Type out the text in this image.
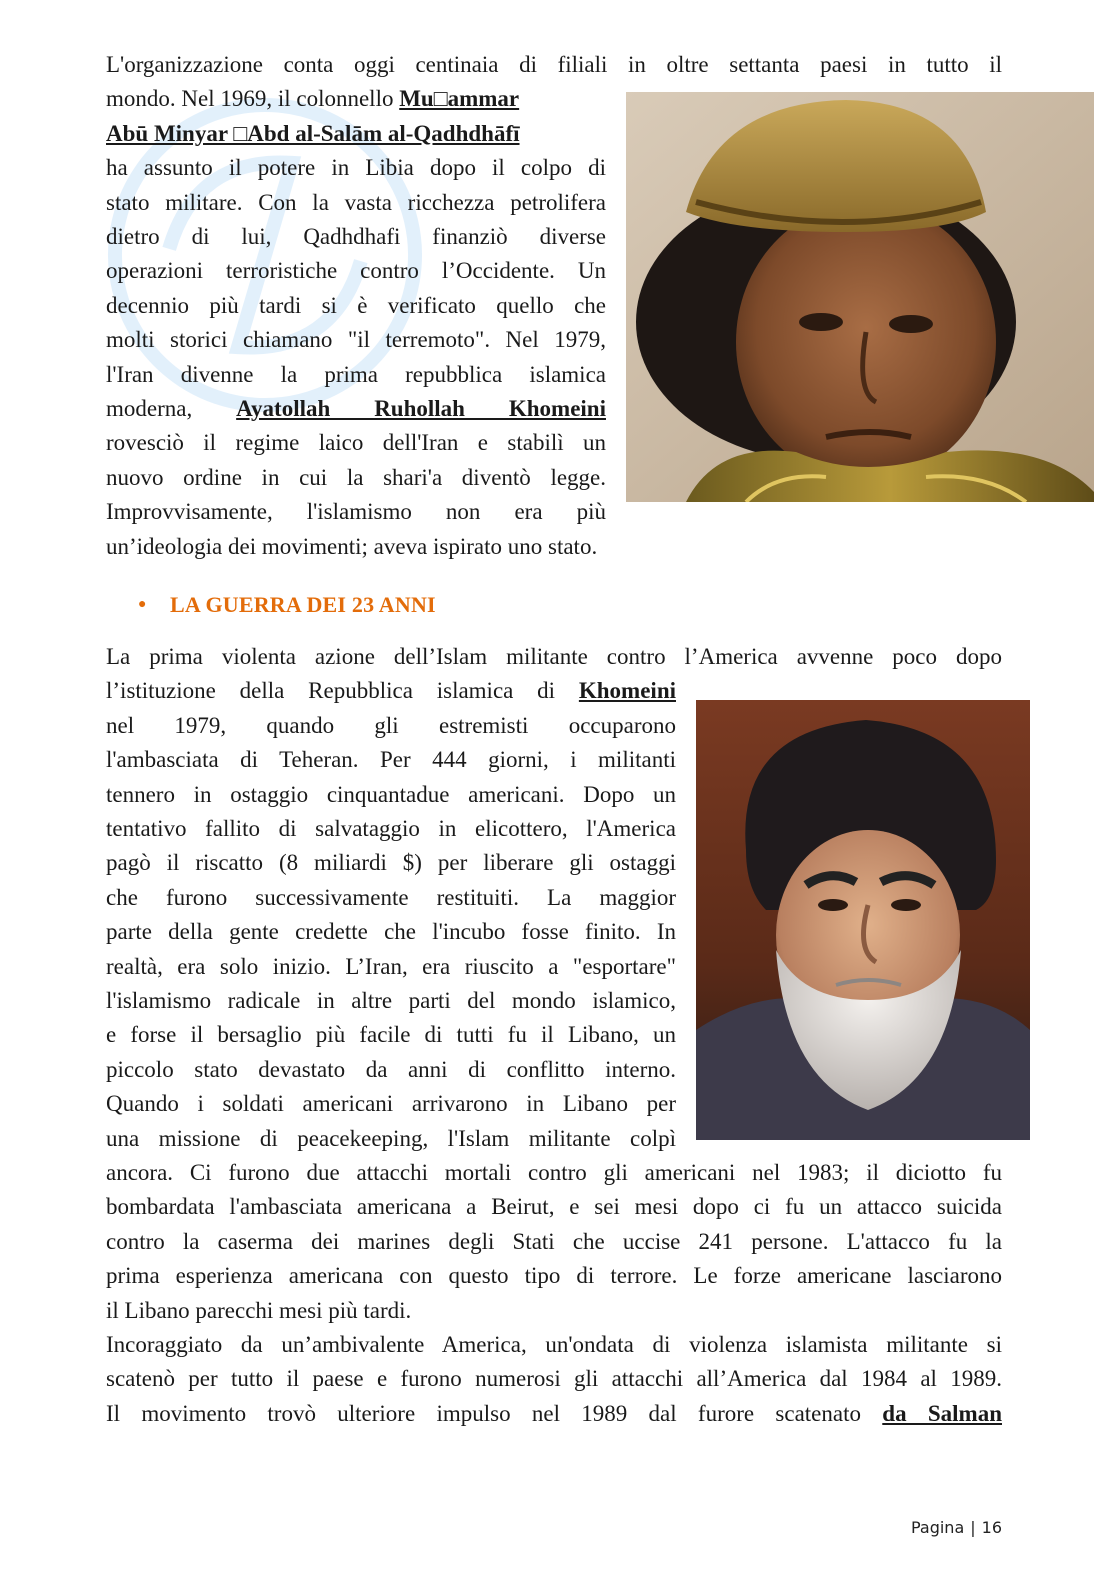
L'organizzazione conta oggi centinaia di filiali in oltre settanta paesi in tutto il
mondo. Nel 1969, il colonnello Mu□ammar
Abū Minyar □Abd al-Salām al-Qadhdhāfī
ha assunto il potere in Libia dopo il colpo di
stato militare. Con la vasta ricchezza petrolifera
dietro di lui, Qadhdhafi finanziò diverse
operazioni terroristiche contro l’Occidente. Un
decennio più tardi si è verificato quello che
molti storici chiamano "il terremoto". Nel 1979,
l'Iran divenne la prima repubblica islamica
moderna, Ayatollah Ruhollah Khomeini
rovesciò il regime laico dell'Iran e stabilì un
nuovo ordine in cui la shari'a diventò legge.
Improvvisamente, l'islamismo non era più
un’ideologia dei movimenti; aveva ispirato uno stato.
●	LA GUERRA DEI 23 ANNI
La prima violenta azione dell’Islam militante contro l’America avvenne poco dopo
l’istituzione della Repubblica islamica di Khomeini
nel 1979, quando gli estremisti occuparono
l'ambasciata di Teheran. Per 444 giorni, i militanti
tennero in ostaggio cinquantadue americani. Dopo un
tentativo fallito di salvataggio in elicottero, l'America
pagò il riscatto (8 miliardi $) per liberare gli ostaggi
che furono successivamente restituiti. La maggior
parte della gente credette che l'incubo fosse finito. In
realtà, era solo inizio. L’Iran, era riuscito a "esportare"
l'islamismo radicale in altre parti del mondo islamico,
e forse il bersaglio più facile di tutti fu il Libano, un
piccolo stato devastato da anni di conflitto interno.
Quando i soldati americani arrivarono in Libano per
una missione di peacekeeping, l'Islam militante colpì
ancora. Ci furono due attacchi mortali contro gli americani nel 1983; il diciotto fu
bombardata l'ambasciata americana a Beirut, e sei mesi dopo ci fu un attacco suicida
contro la caserma dei marines degli Stati che uccise 241 persone. L'attacco fu la
prima esperienza americana con questo tipo di terrore. Le forze americane lasciarono
il Libano parecchi mesi più tardi.
Incoraggiato da un’ambivalente America, un'ondata di violenza islamista militante si
scatenò per tutto il paese e furono numerosi gli attacchi all’America dal 1984 al 1989.
Il movimento trovò ulteriore impulso nel 1989 dal furore scatenato da Salman
Pagina | 16
